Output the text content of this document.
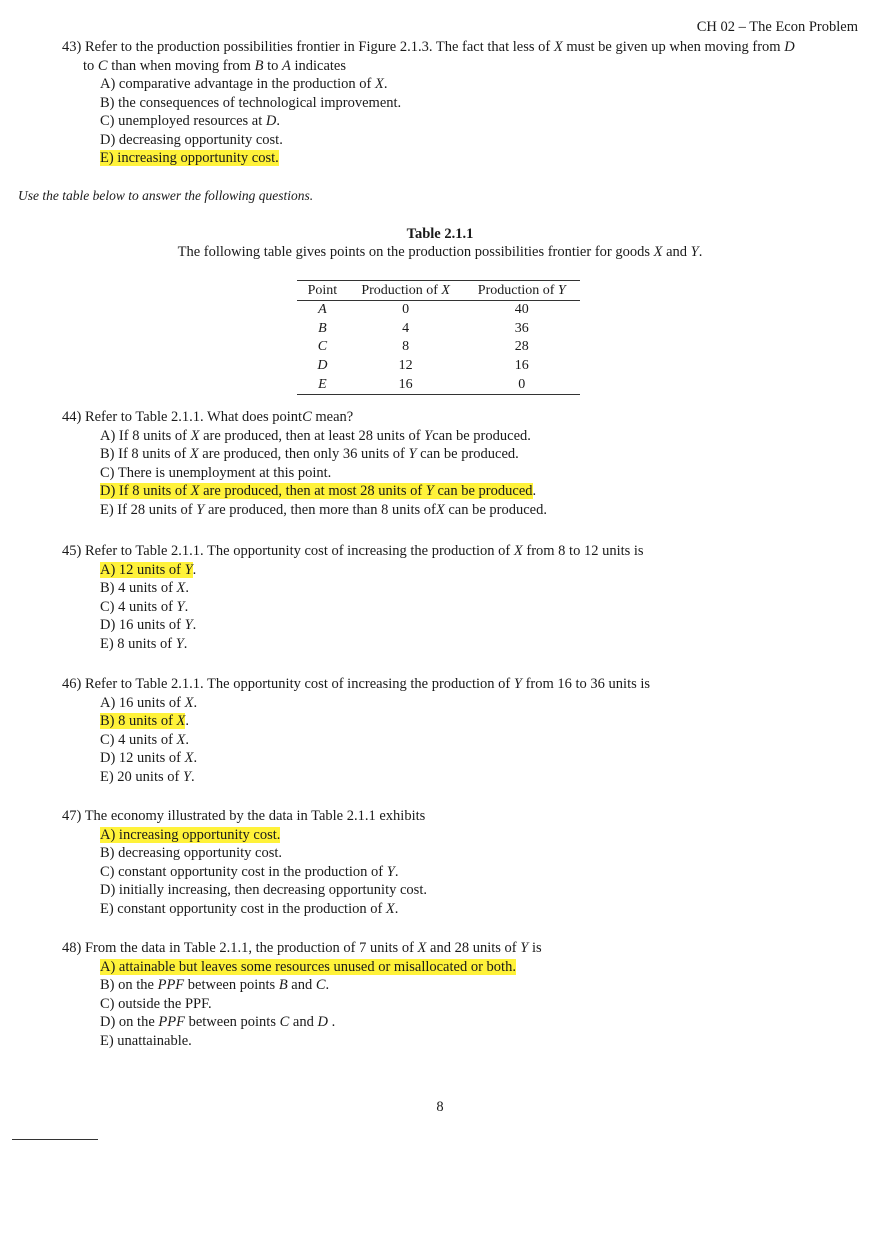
CH 02 – The Econ Problem

43) Refer to the production possibilities frontier in Figure 2.1.3. The fact that less of X must be given up when moving from D

to C than when moving from B to A indicates

A) comparative advantage in the production of X.

B) the consequences of technological improvement.

C) unemployed resources at D.

D) decreasing opportunity cost.

E) increasing opportunity cost.

Use the table below to answer the following questions.
Table 2.1.1
The following table gives points on the production possibilities frontier for goods X and Y.
Point	Production of X	Production of Y
A	0	40
B	4	36
C	8	28
D	12	16
E	16	0

44) Refer to Table 2.1.1. What does pointC mean?

A) If 8 units of X are produced, then at least 28 units of Ycan be produced.

B) If 8 units of X are produced, then only 36 units of Y can be produced.

C) There is unemployment at this point.

D) If 8 units of X are produced, then at most 28 units of Y can be produced.

E) If 28 units of Y are produced, then more than 8 units ofX can be produced.

45) Refer to Table 2.1.1. The opportunity cost of increasing the production of X from 8 to 12 units is

A) 12 units of Y.

B) 4 units of X.

C) 4 units of Y.

D) 16 units of Y.

E) 8 units of Y.

46) Refer to Table 2.1.1. The opportunity cost of increasing the production of Y from 16 to 36 units is

A) 16 units of X.

B) 8 units of X.

C) 4 units of X.

D) 12 units of X.

E) 20 units of Y.

47) The economy illustrated by the data in Table 2.1.1 exhibits

A) increasing opportunity cost.

B) decreasing opportunity cost.

C) constant opportunity cost in the production of Y.

D) initially increasing, then decreasing opportunity cost.

E) constant opportunity cost in the production of X.

48) From the data in Table 2.1.1, the production of 7 units of X and 28 units of Y is

A) attainable but leaves some resources unused or misallocated or both.

B) on the PPF between points B and C.

C) outside the PPF.

D) on the PPF between points C and D .

E) unattainable.

8
